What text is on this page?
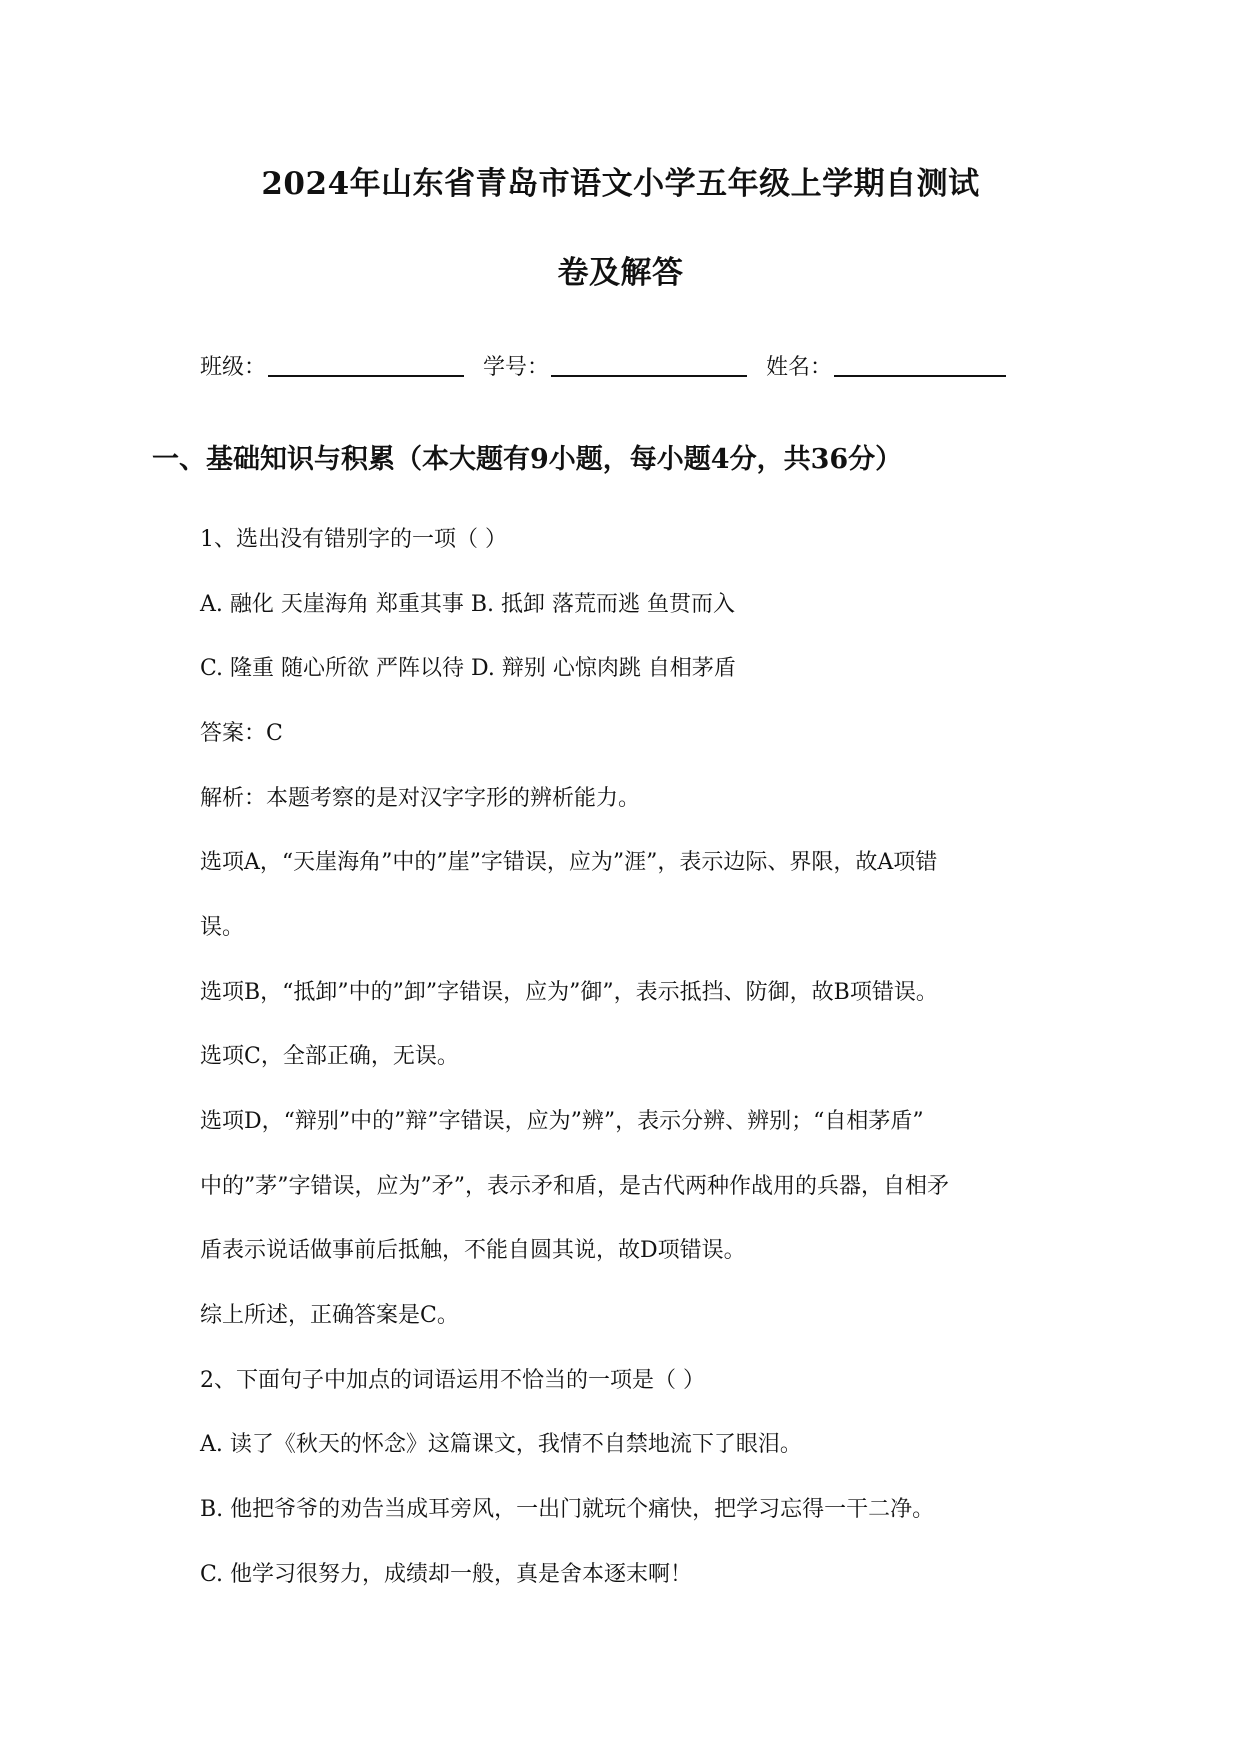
2024年山东省青岛市语文小学五年级上学期自测试
卷及解答
班级：	学号：	姓名：
一、基础知识与积累（本大题有9小题，每小题4分，共36分）
1、选出没有错别字的一项（ ）
A. 融化 天崖海角 郑重其事 B. 抵卸 落荒而逃 鱼贯而入
C. 隆重 随心所欲 严阵以待 D. 辩别 心惊肉跳 自相茅盾
答案：C
解析：本题考察的是对汉字字形的辨析能力。
选项A，“天崖海角”中的”崖”字错误，应为”涯”，表示边际、界限，故A项错
误。
选项B，“抵卸”中的”卸”字错误，应为”御”，表示抵挡、防御，故B项错误。
选项C，全部正确，无误。
选项D，“辩别”中的”辩”字错误，应为”辨”，表示分辨、辨别；“自相茅盾”
中的”茅”字错误，应为”矛”，表示矛和盾，是古代两种作战用的兵器，自相矛
盾表示说话做事前后抵触，不能自圆其说，故D项错误。
综上所述，正确答案是C。
2、下面句子中加点的词语运用不恰当的一项是（ ）
A. 读了《秋天的怀念》这篇课文，我情不自禁地流下了眼泪。
B. 他把爷爷的劝告当成耳旁风，一出门就玩个痛快，把学习忘得一干二净。
C. 他学习很努力，成绩却一般，真是舍本逐末啊！
